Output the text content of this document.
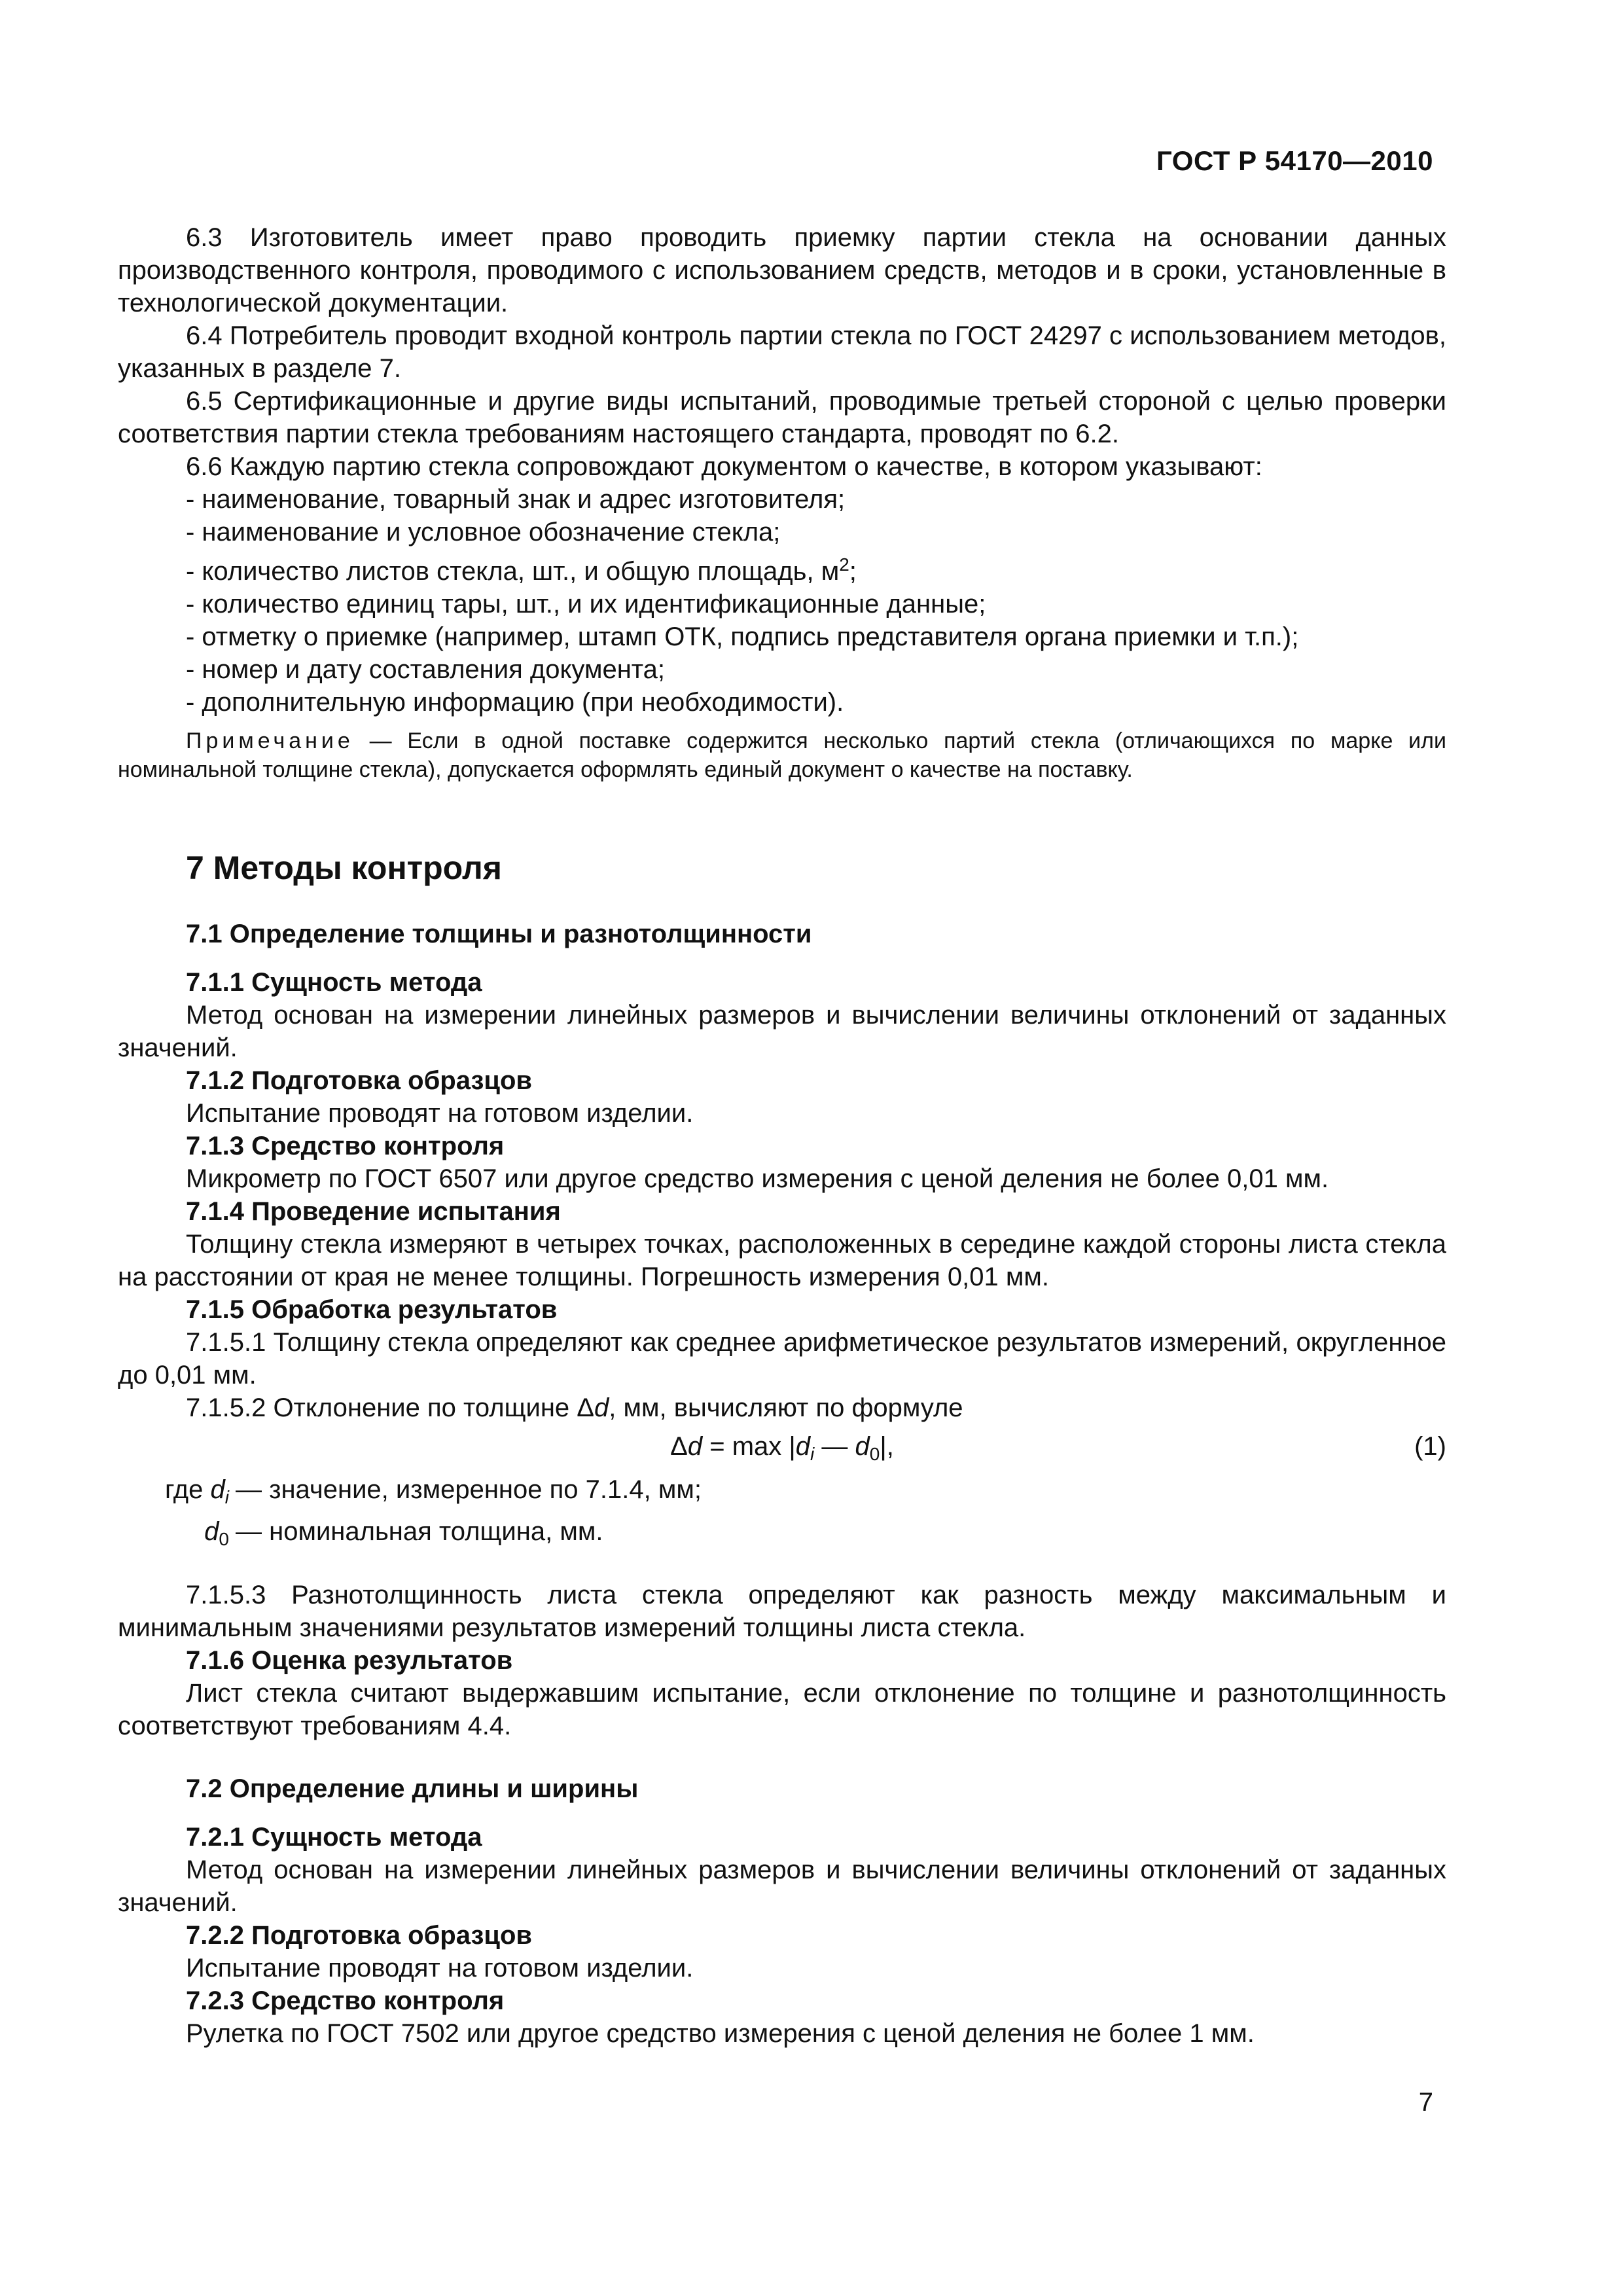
ГОСТ Р 54170—2010

6.3 Изготовитель имеет право проводить приемку партии стекла на основании данных производственного контроля, проводимого с использованием средств, методов и в сроки, установленные в технологической документации.

6.4 Потребитель проводит входной контроль партии стекла по ГОСТ 24297 с использованием методов, указанных в разделе 7.

6.5 Сертификационные и другие виды испытаний, проводимые третьей стороной с целью проверки соответствия партии стекла требованиям настоящего стандарта, проводят по 6.2.

6.6 Каждую партию стекла сопровождают документом о качестве, в котором указывают:

- наименование, товарный знак и адрес изготовителя;

- наименование и условное обозначение стекла;

- количество листов стекла, шт., и общую площадь, $м^2$;

- количество единиц тары, шт., и их идентификационные данные;

- отметку о приемке (например, штамп ОТК, подпись представителя органа приемки и т.п.);

- номер и дату составления документа;

- дополнительную информацию (при необходимости).

Примечание — Если в одной поставке содержится несколько партий стекла (отличающихся по марке или номинальной толщине стекла), допускается оформлять единый документ о качестве на поставку.

7 Методы контроля
7.1 Определение толщины и разнотолщинности
7.1.1 Сущность метода

Метод основан на измерении линейных размеров и вычислении величины отклонений от заданных значений.

7.1.2 Подготовка образцов

Испытание проводят на готовом изделии.

7.1.3 Средство контроля

Микрометр по ГОСТ 6507 или другое средство измерения с ценой деления не более 0,01 мм.

7.1.4 Проведение испытания

Толщину стекла измеряют в четырех точках, расположенных в середине каждой стороны листа стекла на расстоянии от края не менее толщины. Погрешность измерения 0,01 мм.

7.1.5 Обработка результатов

7.1.5.1 Толщину стекла определяют как среднее арифметическое результатов измерений, округленное до 0,01 мм.

7.1.5.2 Отклонение по толщине Δd, мм, вычисляют по формуле

$\Delta d = \max |d_i$ — $d_0|$,	(1)
где $d_i$ — значение, измеренное по 7.1.4, мм;
$d_0$ — номинальная толщина, мм.

7.1.5.3 Разнотолщинность листа стекла определяют как разность между максимальным и минимальным значениями результатов измерений толщины листа стекла.

7.1.6 Оценка результатов

Лист стекла считают выдержавшим испытание, если отклонение по толщине и разнотолщинность соответствуют требованиям 4.4.

7.2 Определение длины и ширины
7.2.1 Сущность метода

Метод основан на измерении линейных размеров и вычислении величины отклонений от заданных значений.

7.2.2 Подготовка образцов

Испытание проводят на готовом изделии.

7.2.3 Средство контроля

Рулетка по ГОСТ 7502 или другое средство измерения с ценой деления не более 1 мм.

7
